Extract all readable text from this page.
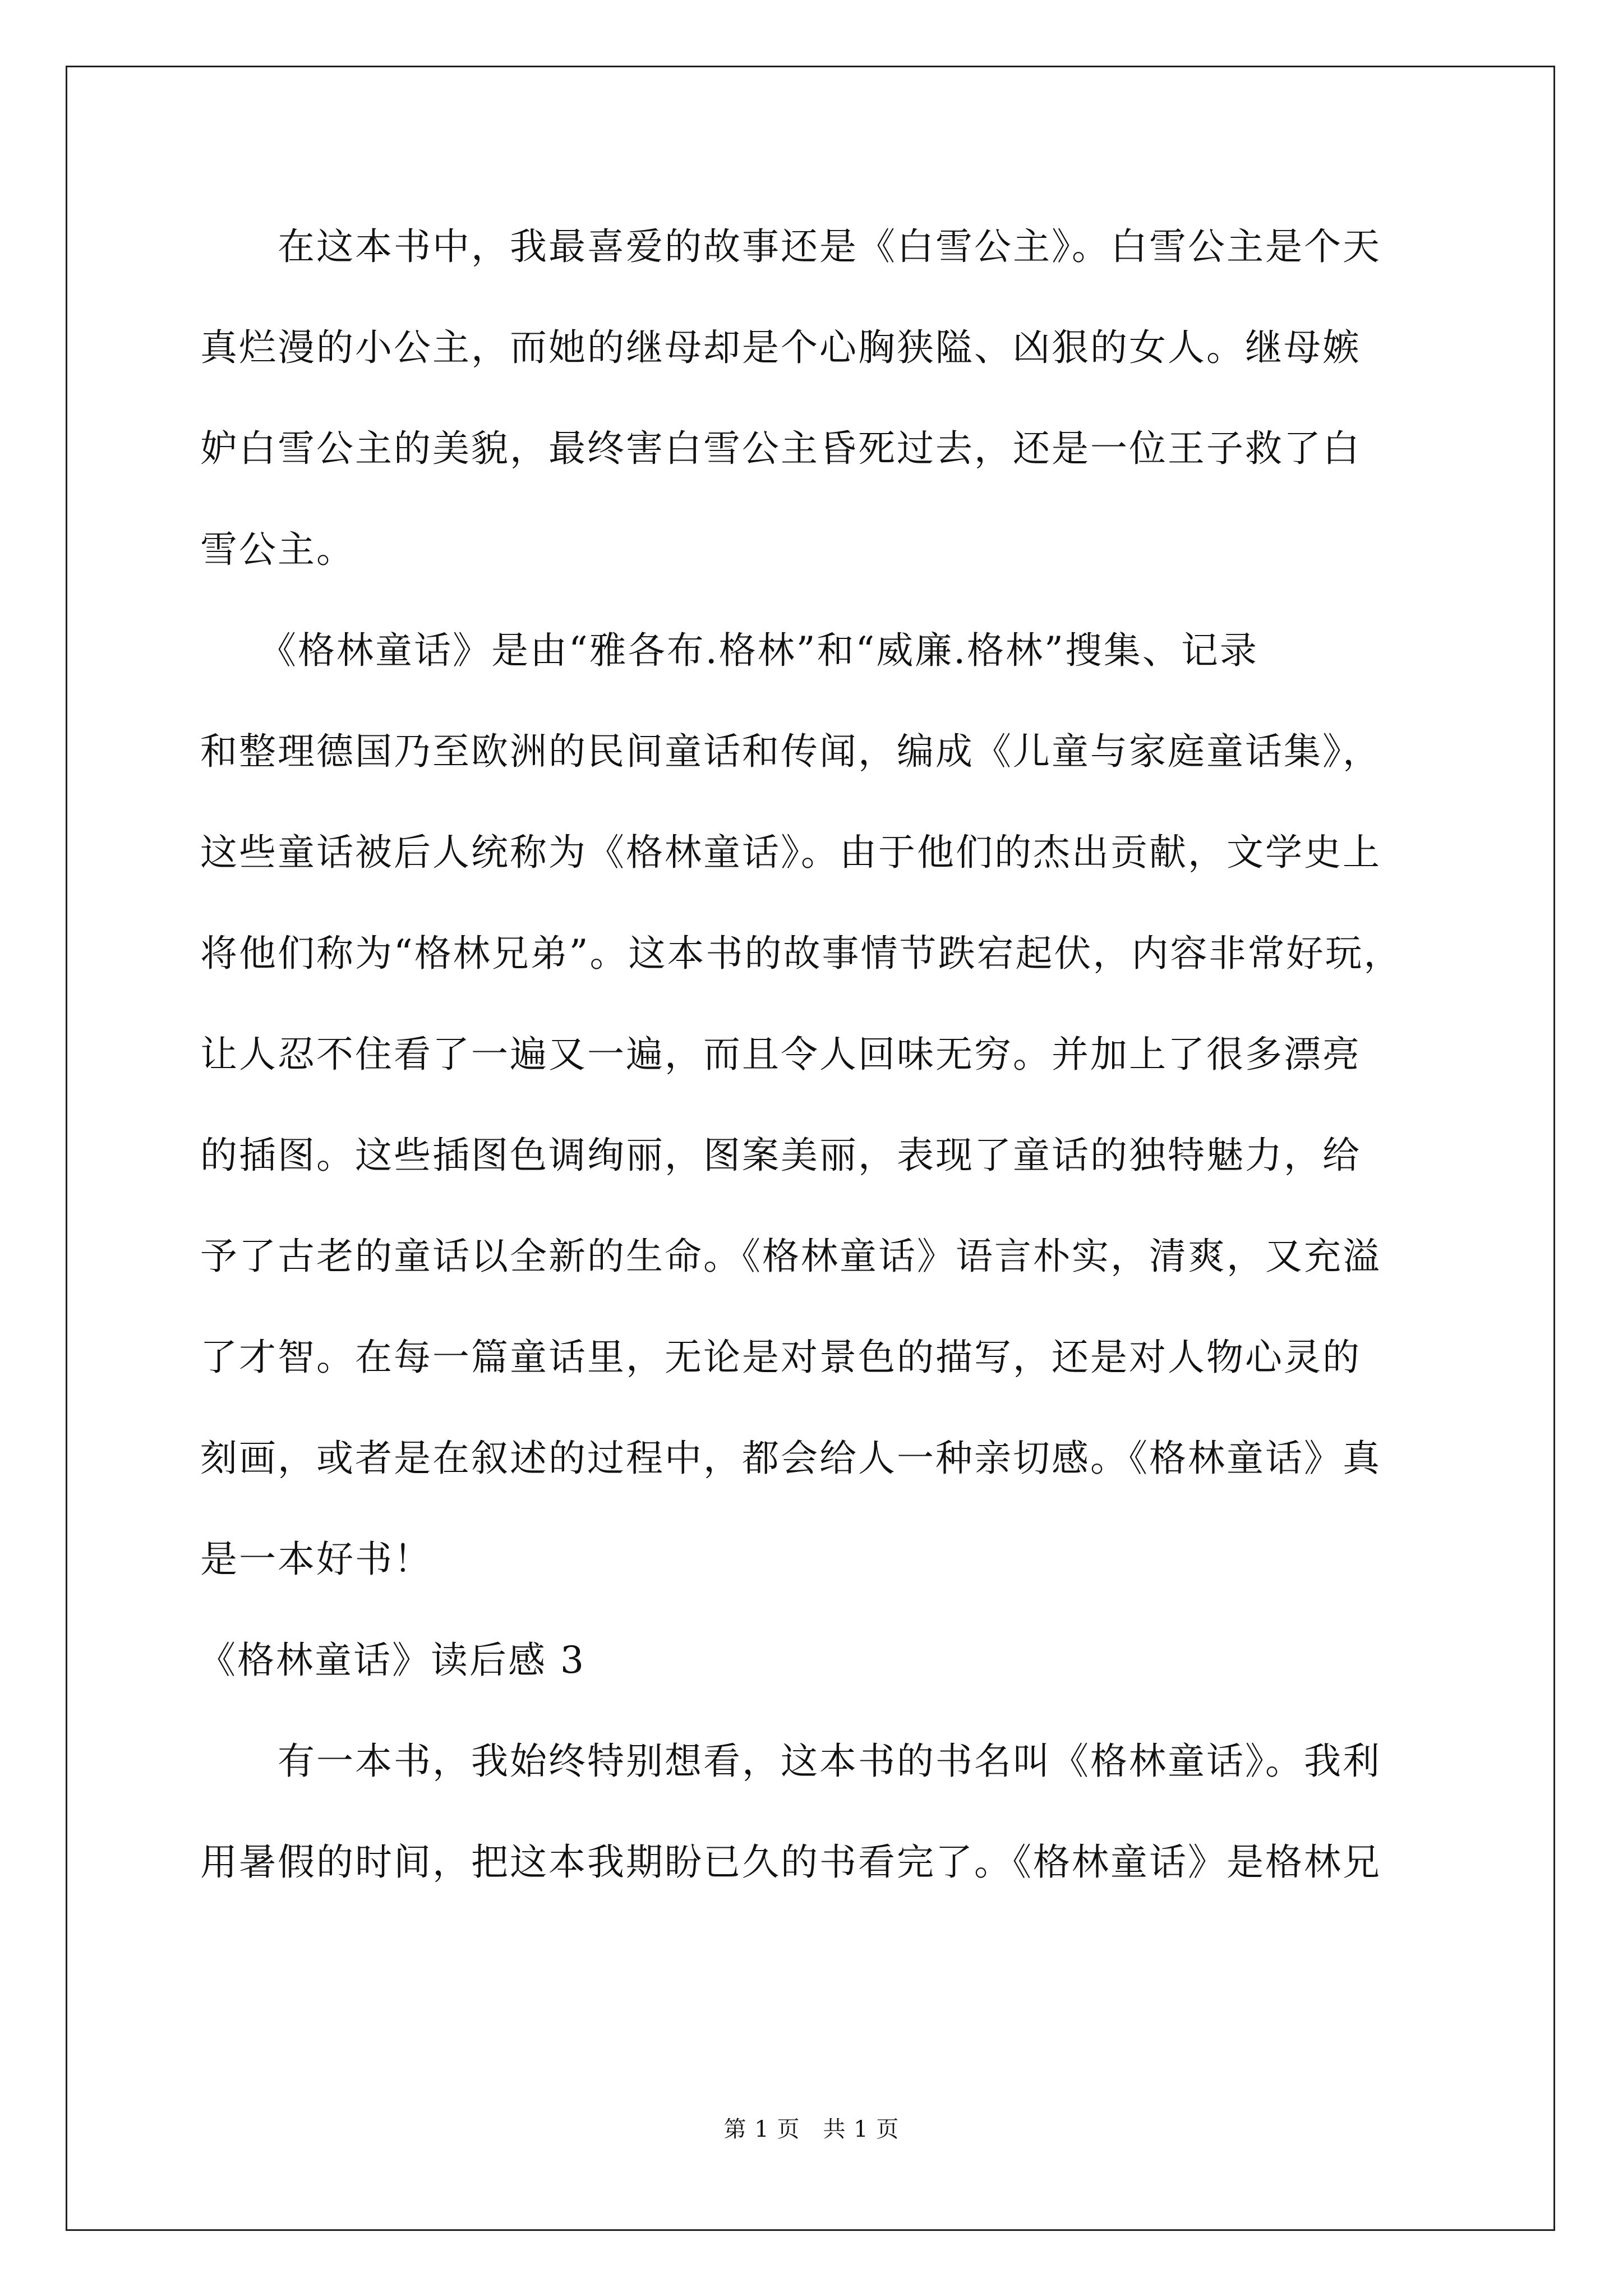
　　在这本书中，我最喜爱的故事还是《白雪公主》。白雪公主是个天
真烂漫的小公主，而她的继母却是个心胸狭隘、凶狠的女人。继母嫉
妒白雪公主的美貌，最终害白雪公主昏死过去，还是一位王子救了白
雪公主。
　　《格林童话》是由“雅各布.格林”和“威廉.格林”搜集、记录
和整理德国乃至欧洲的民间童话和传闻，编成《儿童与家庭童话集》，
这些童话被后人统称为《格林童话》。由于他们的杰出贡献，文学史上
将他们称为“格林兄弟”。这本书的故事情节跌宕起伏，内容非常好玩，
让人忍不住看了一遍又一遍，而且令人回味无穷。并加上了很多漂亮
的插图。这些插图色调绚丽，图案美丽，表现了童话的独特魅力，给
予了古老的童话以全新的生命。《格林童话》语言朴实，清爽，又充溢
了才智。在每一篇童话里，无论是对景色的描写，还是对人物心灵的
刻画，或者是在叙述的过程中，都会给人一种亲切感。《格林童话》真
是一本好书！
《格林童话》读后感 3
　　有一本书，我始终特别想看，这本书的书名叫《格林童话》。我利
用暑假的时间，把这本我期盼已久的书看完了。《格林童话》是格林兄
第 1 页　共 1 页
